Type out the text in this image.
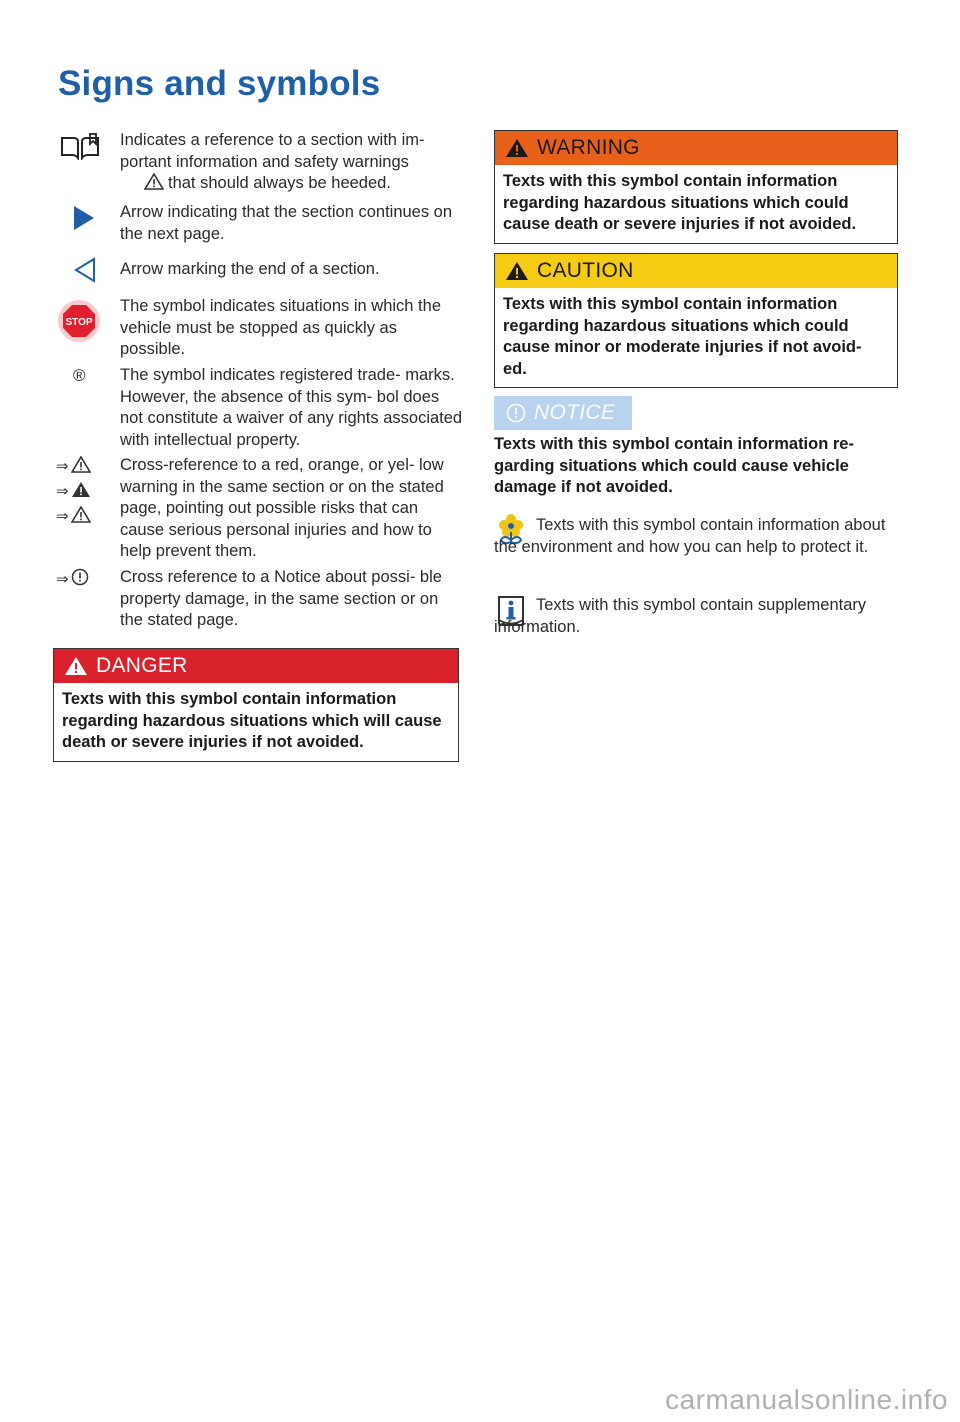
Signs and symbols
Indicates a reference to a section with im- portant information and safety warnings
that should always be heeded.
Arrow indicating that the section continues on the next page.
Arrow marking the end of a section.
STOP
The symbol indicates situations in which the vehicle must be stopped as quickly as possible.
® The symbol indicates registered trade- marks. However, the absence of this sym- bol does not constitute a waiver of any rights associated with intellectual property.
⇒
⇒
⇒
Cross-reference to a red, orange, or yel- low warning in the same section or on the stated page, pointing out possible risks that can cause serious personal injuries and how to help prevent them.
⇒	Cross reference to a Notice about possi- ble property damage, in the same section or on the stated page.
DANGER
Texts with this symbol contain information regarding hazardous situations which will cause death or severe injuries if not avoided.
WARNING
Texts with this symbol contain information regarding hazardous situations which could cause death or severe injuries if not avoided.
CAUTION
Texts with this symbol contain information regarding hazardous situations which could cause minor or moderate injuries if not avoid- ed.
NOTICE
Texts with this symbol contain information re- garding situations which could cause vehicle damage if not avoided.
Texts with this symbol contain information about the environment and how you can help to protect it.
Texts with this symbol contain supplementary information.
carmanualsonline.info
